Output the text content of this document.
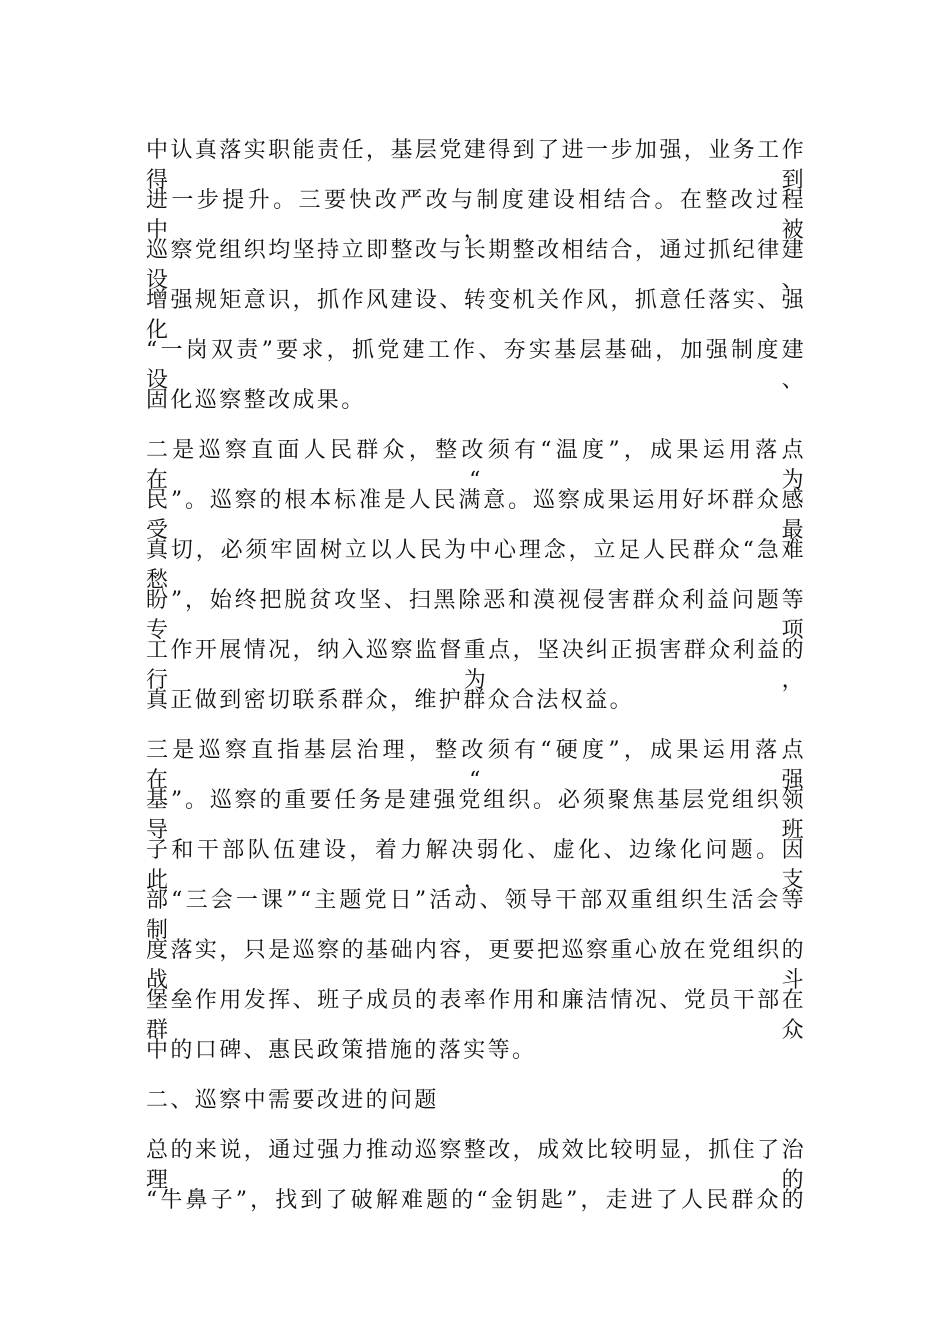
中认真落实职能责任，基层党建得到了进一步加强，业务工作得到
进一步提升。三要快改严改与制度建设相结合。在整改过程中，被
巡察党组织均坚持立即整改与长期整改相结合，通过抓纪律建设、
增强规矩意识，抓作风建设、转变机关作风，抓意任落实、强化
“一岗双责”要求，抓党建工作、夯实基层基础，加强制度建设、
固化巡察整改成果。
二是巡察直面人民群众，整改须有“温度”，成果运用落点在“为
民”。巡察的根本标准是人民满意。巡察成果运用好坏群众感受最
真切，必须牢固树立以人民为中心理念，立足人民群众“急难愁
盼”，始终把脱贫攻坚、扫黑除恶和漠视侵害群众利益问题等专项
工作开展情况，纳入巡察监督重点，坚决纠正损害群众利益的行为，
真正做到密切联系群众，维护群众合法权益。
三是巡察直指基层治理，整改须有“硬度”，成果运用落点在“强
基”。巡察的重要任务是建强党组织。必须聚焦基层党组织领导班
子和干部队伍建设，着力解决弱化、虚化、边缘化问题。因此，支
部“三会一课”“主题党日”活动、领导干部双重组织生活会等制
度落实，只是巡察的基础内容，更要把巡察重心放在党组织的战斗
堡垒作用发挥、班子成员的表率作用和廉洁情况、党员干部在群众
中的口碑、惠民政策措施的落实等。
二、巡察中需要改进的问题
总的来说，通过强力推动巡察整改，成效比较明显，抓住了治理的
“牛鼻子”，找到了破解难题的“金钥匙”，走进了人民群众的
